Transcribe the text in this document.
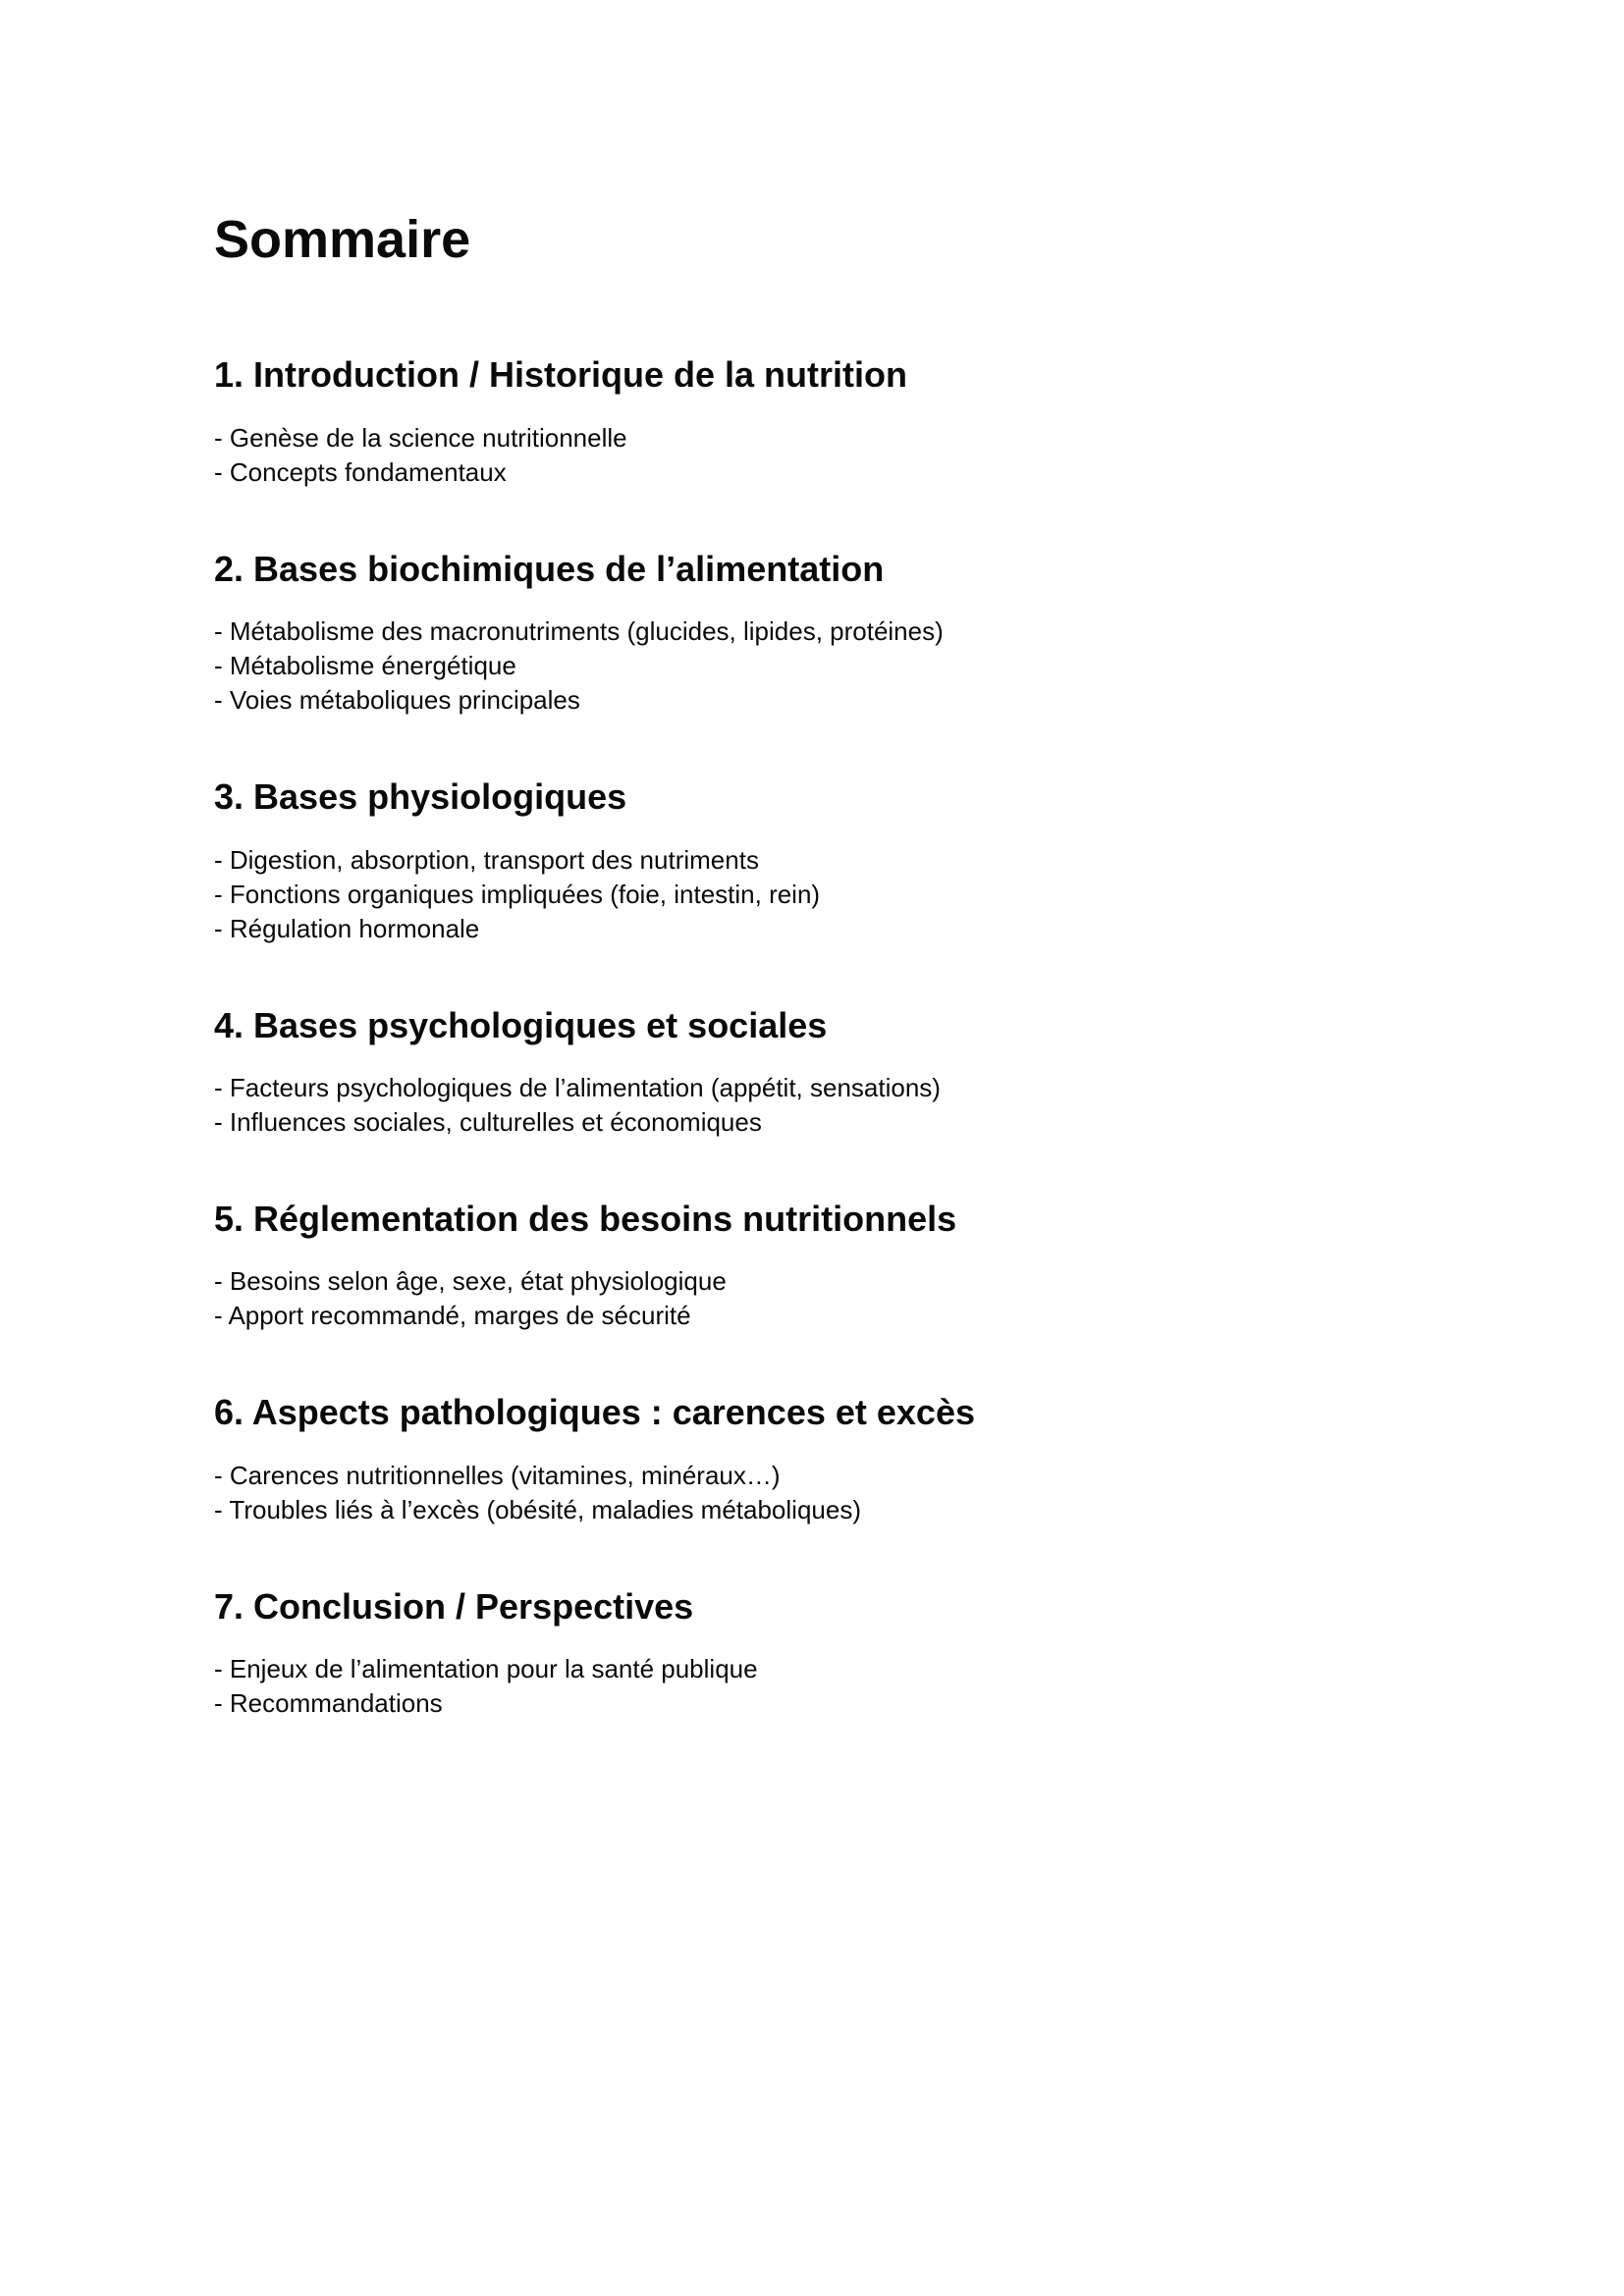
Sommaire
1. Introduction / Historique de la nutrition
- Genèse de la science nutritionnelle
- Concepts fondamentaux
2. Bases biochimiques de l’alimentation
- Métabolisme des macronutriments (glucides, lipides, protéines)
- Métabolisme énergétique
- Voies métaboliques principales
3. Bases physiologiques
- Digestion, absorption, transport des nutriments
- Fonctions organiques impliquées (foie, intestin, rein)
- Régulation hormonale
4. Bases psychologiques et sociales
- Facteurs psychologiques de l’alimentation (appétit, sensations)
- Influences sociales, culturelles et économiques
5. Réglementation des besoins nutritionnels
- Besoins selon âge, sexe, état physiologique
- Apport recommandé, marges de sécurité
6. Aspects pathologiques : carences et excès
- Carences nutritionnelles (vitamines, minéraux…)
- Troubles liés à l’excès (obésité, maladies métaboliques)
7. Conclusion / Perspectives
- Enjeux de l’alimentation pour la santé publique
- Recommandations
